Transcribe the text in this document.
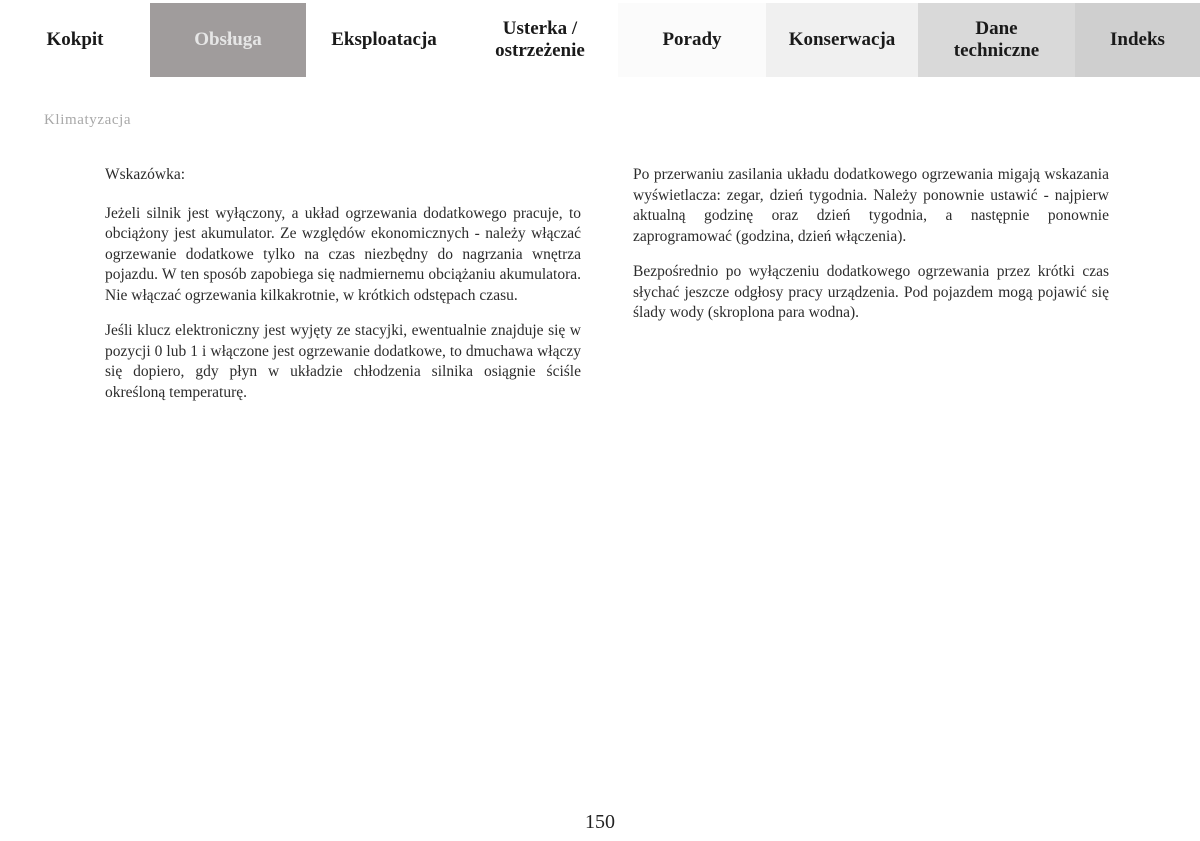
Kokpit	Obsługa	Eksploatacja
Usterka /
ostrzeżenie
Porady	Konserwacja
Dane
techniczne
Indeks
Klimatyzacja

Wskazówka:

Jeżeli silnik jest wyłączony, a układ ogrzewania dodatkowego pracuje, to obciążony jest akumulator. Ze względów ekonomicznych - należy włączać ogrzewanie dodatkowe tylko na czas niezbędny do nagrzania wnętrza pojazdu. W ten sposób zapobiega się nadmiernemu obciążaniu akumulatora. Nie włączać ogrzewania kilkakrotnie, w krótkich odstępach czasu.

Jeśli klucz elektroniczny jest wyjęty ze stacyjki, ewentualnie znajduje się w pozycji 0 lub 1 i włączone jest ogrzewanie dodatkowe, to dmuchawa włączy się dopiero, gdy płyn w układzie chłodzenia silnika osiągnie ściśle określoną temperaturę.

Po przerwaniu zasilania układu dodatkowego ogrzewania migają wskazania wyświetlacza: zegar, dzień tygodnia. Należy ponownie ustawić - najpierw aktualną godzinę oraz dzień tygodnia, a następnie ponownie zaprogramować (godzina, dzień włączenia).

Bezpośrednio po wyłączeniu dodatkowego ogrzewania przez krótki czas słychać jeszcze odgłosy pracy urządzenia. Pod pojazdem mogą pojawić się ślady wody (skroplona para wodna).

150
